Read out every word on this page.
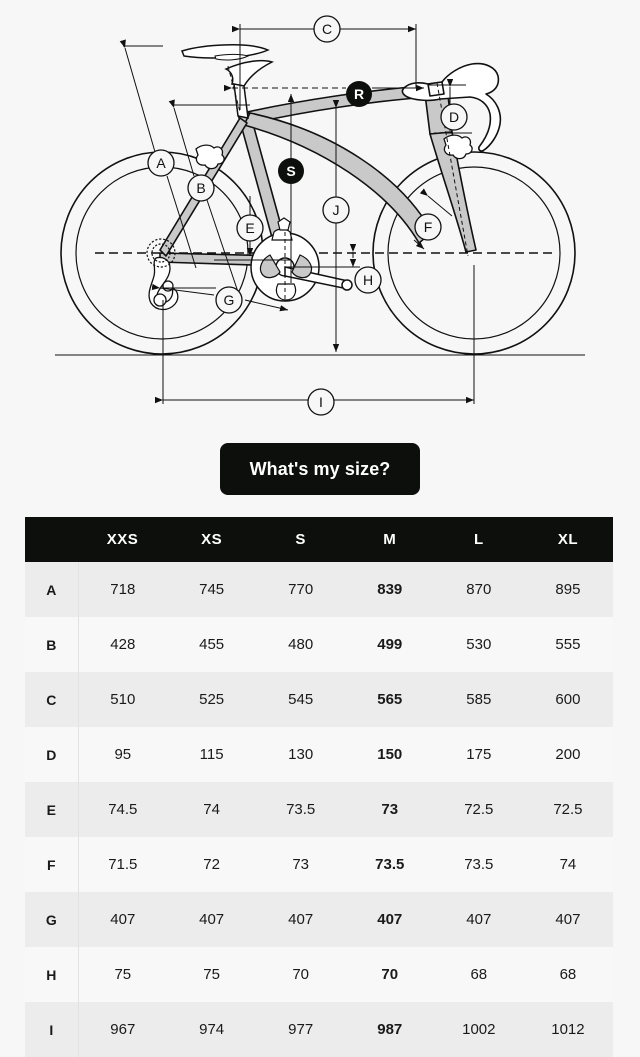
A
B
C
D
E	F
G
H
I
J
R
S
What's my size?
	XXS	XS	S	M	L	XL
A	718	745	770	839	870	895
B	428	455	480	499	530	555
C	510	525	545	565	585	600
D	95	115	130	150	175	200
E	74.5	74	73.5	73	72.5	72.5
F	71.5	72	73	73.5	73.5	74
G	407	407	407	407	407	407
H	75	75	70	70	68	68
I	967	974	977	987	1002	1012
